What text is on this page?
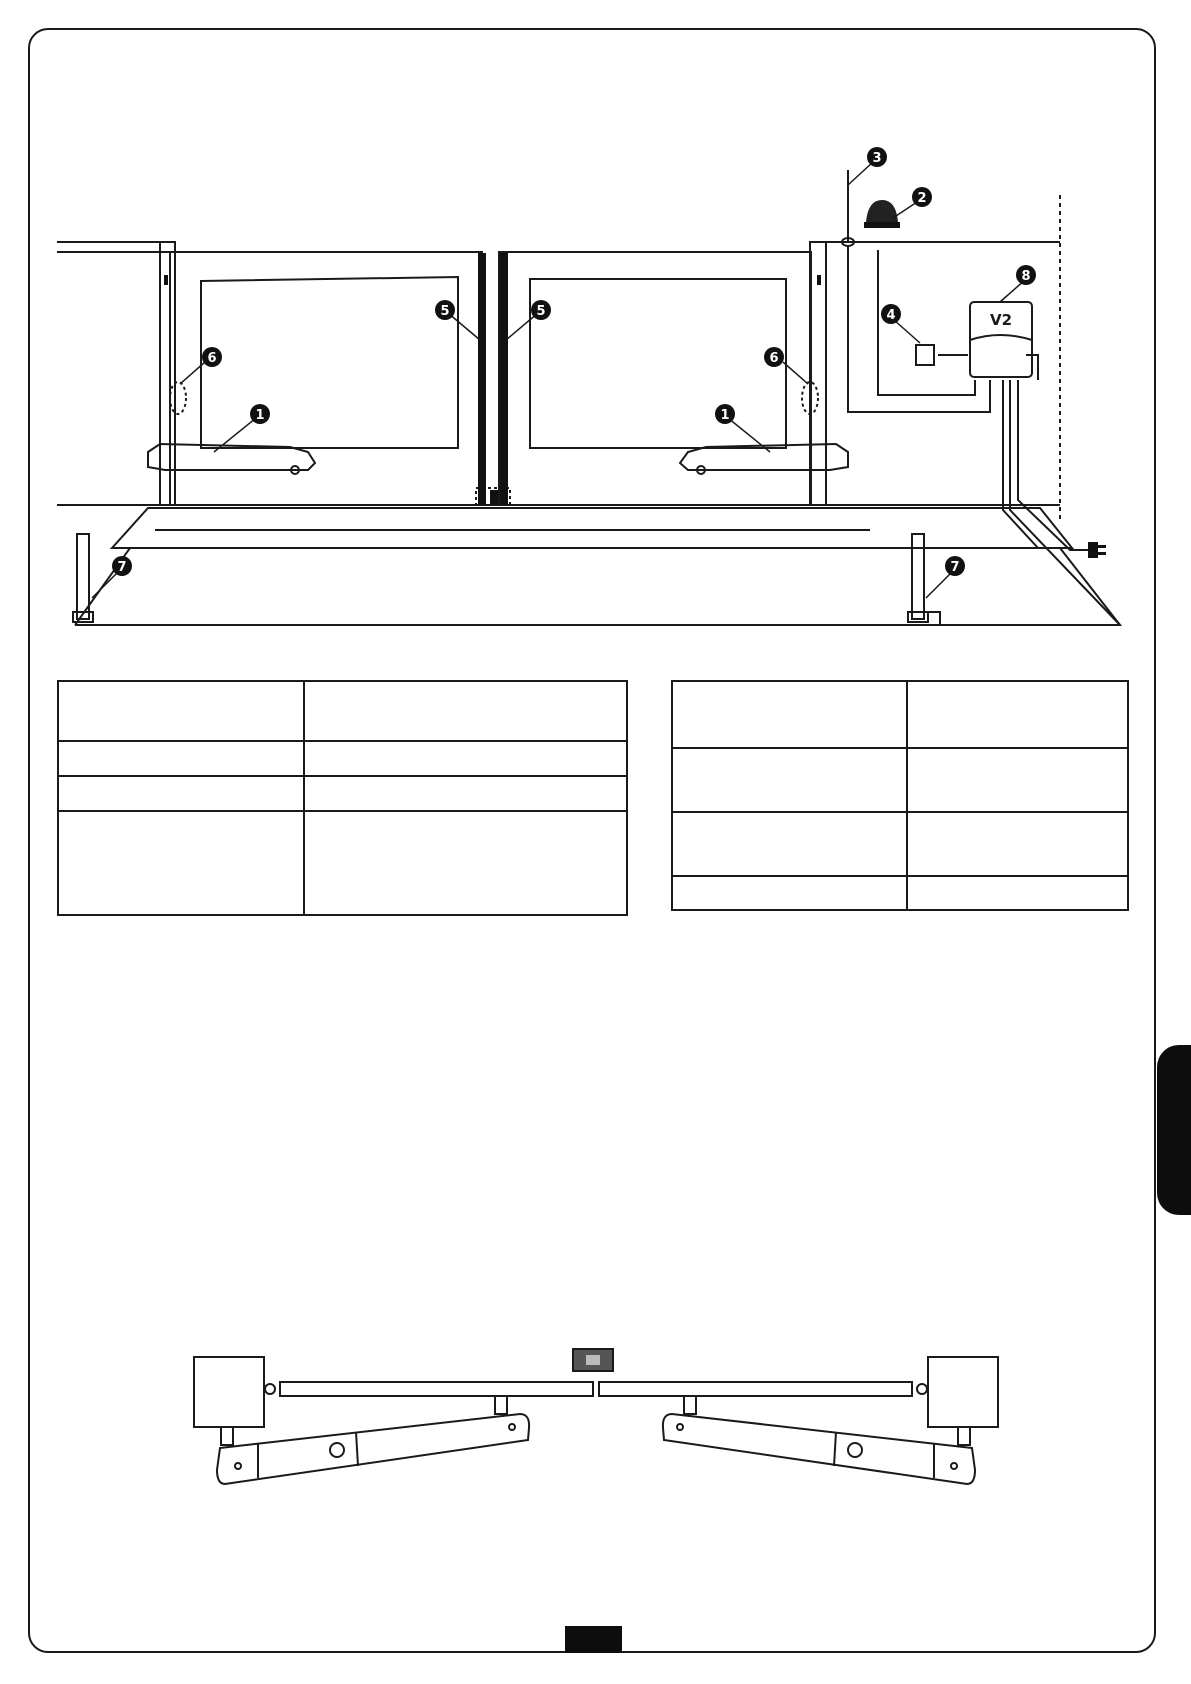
V2
1	1
2
3
4
5	5
6	6
7	7
8
